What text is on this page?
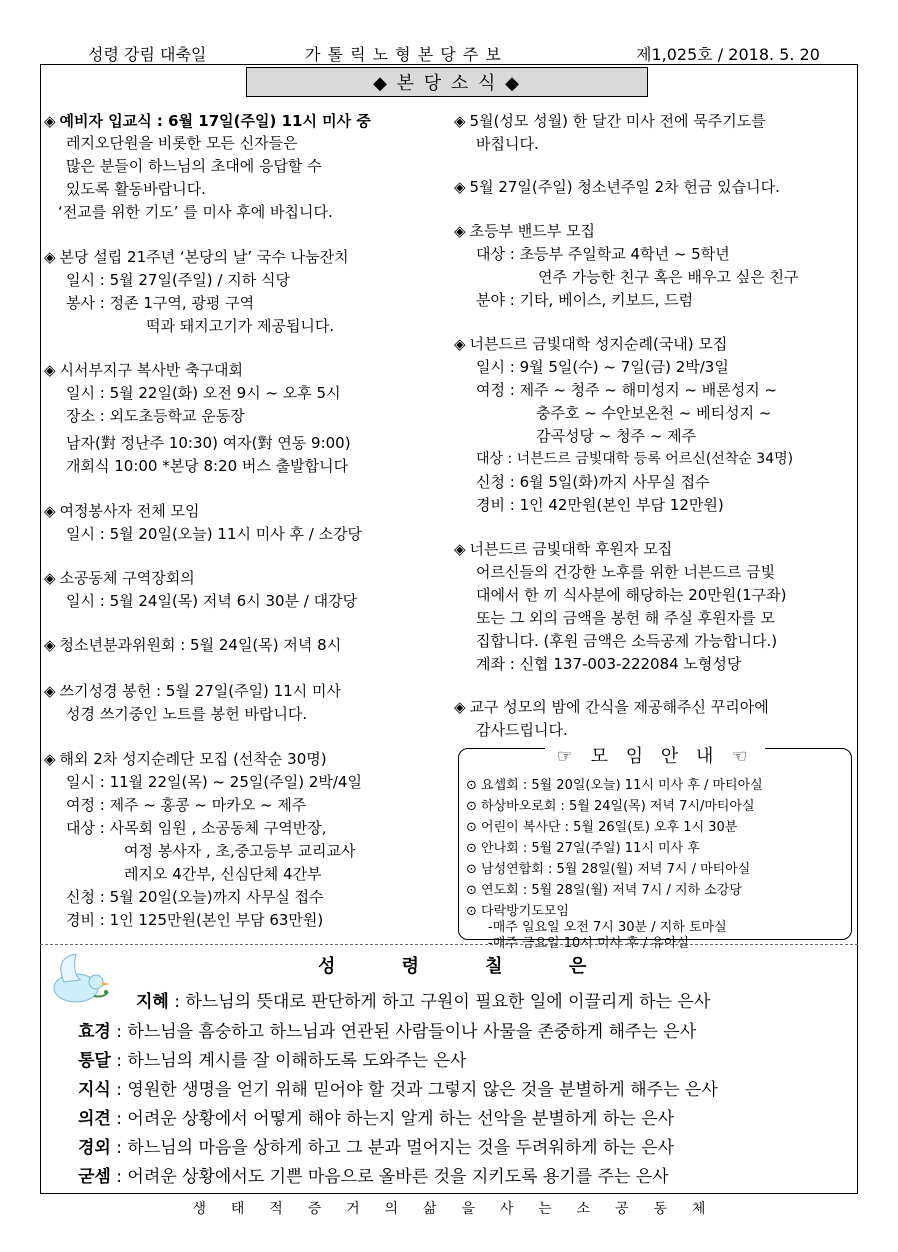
성령 강림 대축일	가 톨 릭 노 형 본 당 주 보	제1,025호 / 2018. 5. 20
◆ 본 당 소 식 ◆
◈ 예비자 입교식 : 6월 17일(주일) 11시 미사 중
레지오단원을 비롯한 모든 신자들은
많은 분들이 하느님의 초대에 응답할 수
있도록 활동바랍니다.
‘전교를 위한 기도’ 를 미사 후에 바칩니다.
◈ 본당 설립 21주년 ‘본당의 날’ 국수 나눔잔치
일시 : 5월 27일(주일) / 지하 식당
봉사 : 정존 1구역, 광평 구역
떡과 돼지고기가 제공됩니다.
◈ 시서부지구 복사반 축구대회
일시 : 5월 22일(화) 오전 9시 ~ 오후 5시
장소 : 외도초등학교 운동장
남자(對 정난주 10:30) 여자(對 연동 9:00)
개회식 10:00 *본당 8:20 버스 출발합니다
◈ 여정봉사자 전체 모임
일시 : 5월 20일(오늘) 11시 미사 후 / 소강당
◈ 소공동체 구역장회의
일시 : 5월 24일(목) 저녁 6시 30분 / 대강당
◈ 청소년분과위원회 : 5월 24일(목) 저녁 8시
◈ 쓰기성경 봉헌 : 5월 27일(주일) 11시 미사
성경 쓰기중인 노트를 봉헌 바랍니다.
◈ 해외 2차 성지순례단 모집 (선착순 30명)
일시 : 11월 22일(목) ~ 25일(주일) 2박/4일
여정 : 제주 ~ 홍콩 ~ 마카오 ~ 제주
대상 : 사목회 임원 , 소공동체 구역반장,
여정 봉사자 , 초,중고등부 교리교사
레지오 4간부, 신심단체 4간부
신청 : 5월 20일(오늘)까지 사무실 접수
경비 : 1인 125만원(본인 부담 63만원)
◈ 5월(성모 성월) 한 달간 미사 전에 묵주기도를
바칩니다.
◈ 5월 27일(주일) 청소년주일 2차 헌금 있습니다.
◈ 초등부 밴드부 모집
대상 : 초등부 주일학교 4학년 ~ 5학년
연주 가능한 친구 혹은 배우고 싶은 친구
분야 : 기타, 베이스, 키보드, 드럼
◈ 너븐드르 금빛대학 성지순례(국내) 모집
일시 : 9월 5일(수) ~ 7일(금) 2박/3일
여정 : 제주 ~ 청주 ~ 해미성지 ~ 배론성지 ~
충주호 ~ 수안보온천 ~ 베티성지 ~
감곡성당 ~ 청주 ~ 제주
대상 : 너븐드르 금빛대학 등록 어르신(선착순 34명)
신청 : 6월 5일(화)까지 사무실 접수
경비 : 1인 42만원(본인 부담 12만원)
◈ 너븐드르 금빛대학 후원자 모집
어르신들의 건강한 노후를 위한 너븐드르 금빛
대에서 한 끼 식사분에 해당하는 20만원(1구좌)
또는 그 외의 금액을 봉헌 해 주실 후원자를 모
집합니다. (후원 금액은 소득공제 가능합니다.)
계좌 : 신협 137-003-222084 노형성당
◈ 교구 성모의 밤에 간식을 제공해주신 꾸리아에
감사드립니다.
☞ 모 임 안 내 ☜
⊙ 요셉회 : 5월 20일(오늘) 11시 미사 후 / 마티아실
⊙ 하상바오로회 : 5월 24일(목) 저녁 7시/마티아실
⊙ 어린이 복사단 : 5월 26일(토) 오후 1시 30분
⊙ 안나회 : 5월 27일(주일) 11시 미사 후
⊙ 남성연합회 : 5월 28일(월) 저녁 7시 / 마티아실
⊙ 연도회 : 5월 28일(월) 저녁 7시 / 지하 소강당
⊙ 다락방기도모임
-매주 일요일 오전 7시 30분 / 지하 토마실
-매주 금요일 10시 미사 후 / 유아실
성 령 칠 은
지혜 : 하느님의 뜻대로 판단하게 하고 구원이 필요한 일에 이끌리게 하는 은사
효경 : 하느님을 흠숭하고 하느님과 연관된 사람들이나 사물을 존중하게 해주는 은사
통달 : 하느님의 계시를 잘 이해하도록 도와주는 은사
지식 : 영원한 생명을 얻기 위해 믿어야 할 것과 그렇지 않은 것을 분별하게 해주는 은사
의견 : 어려운 상황에서 어떻게 해야 하는지 알게 하는 선악을 분별하게 하는 은사
경외 : 하느님의 마음을 상하게 하고 그 분과 멀어지는 것을 두려워하게 하는 은사
굳셈 : 어려운 상황에서도 기쁜 마음으로 올바른 것을 지키도록 용기를 주는 은사
생 태 적 증 거 의 삶 을 사 는 소 공 동 체
